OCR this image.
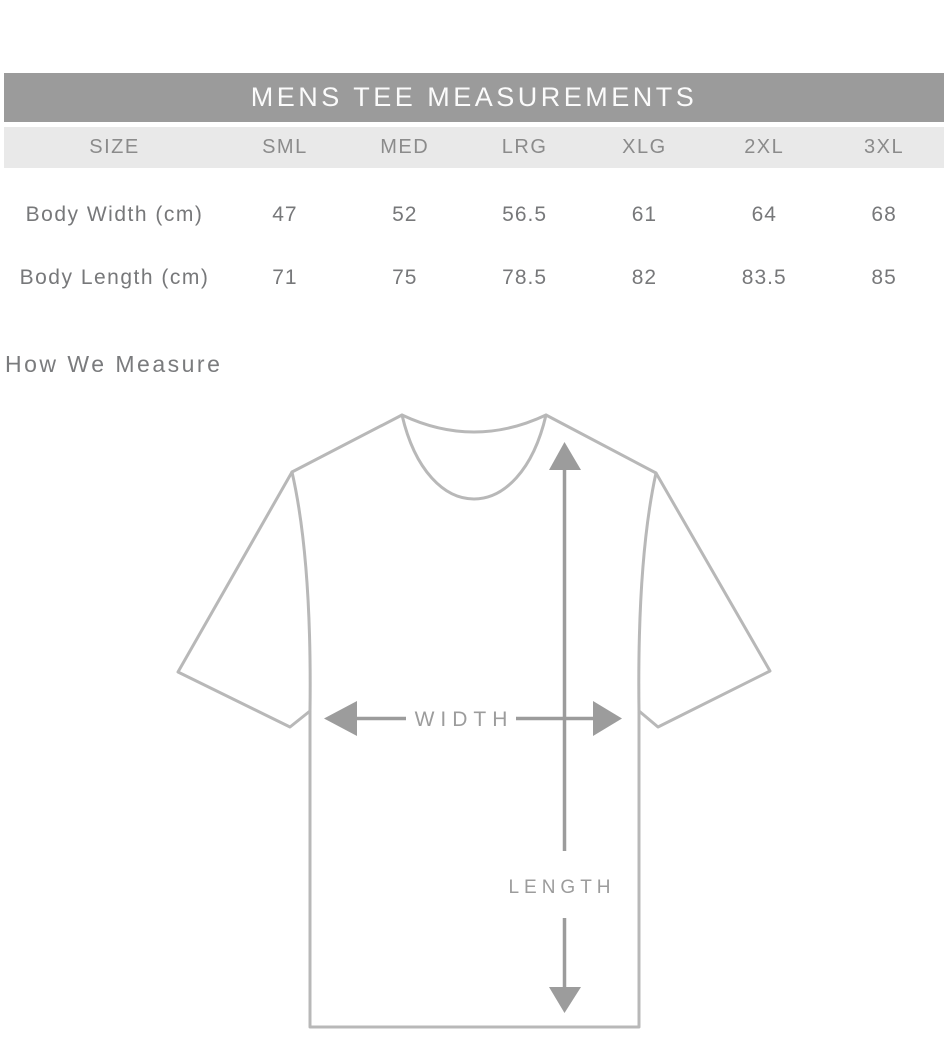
MENS TEE MEASUREMENTS
SIZE	SML	MED	LRG	XLG	2XL	3XL
Body Width (cm)	47	52	56.5	61	64	68
Body Length (cm)	71	75	78.5	82	83.5	85
How We Measure
WIDTH
LENGTH
